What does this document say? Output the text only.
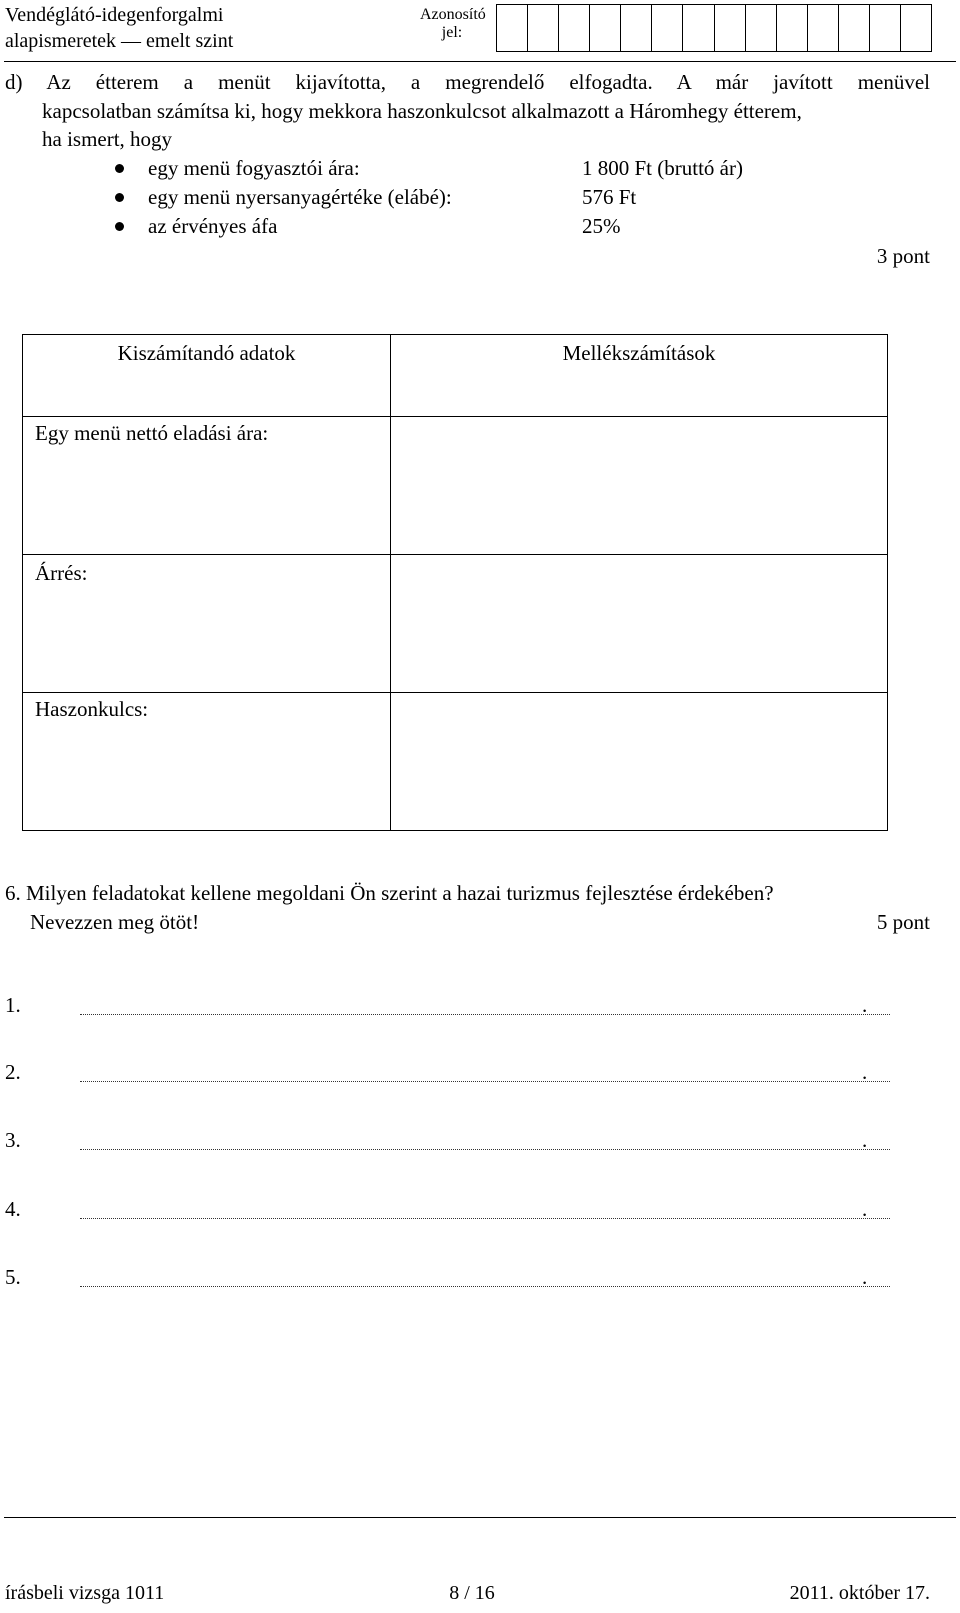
Vendéglátó-idegenforgalmi
alapismeretek — emelt szint
Azonosító
jel:
d) Az étterem a menüt kijavította, a megrendelő elfogadta. A már javított menüvel
kapcsolatban számítsa ki, hogy mekkora haszonkulcsot alkalmazott a Háromhegy étterem,
ha ismert, hogy
egy menü fogyasztói ára:	1 800 Ft (bruttó ár)
egy menü nyersanyagértéke (elábé):	576 Ft
az érvényes áfa	25%
3 pont
Kiszámítandó adatok	Mellékszámítások

Egy menü nettó eladási ára:	

Árrés:	

Haszonkulcs:	

6. Milyen feladatokat kellene megoldani Ön szerint a hazai turizmus fejlesztése érdekében?
Nevezzen meg ötöt!	5 pont
1.	.
2.	.
3.	.
4.	.
5.	.
írásbeli vizsga 1011	8 / 16	2011. október 17.
